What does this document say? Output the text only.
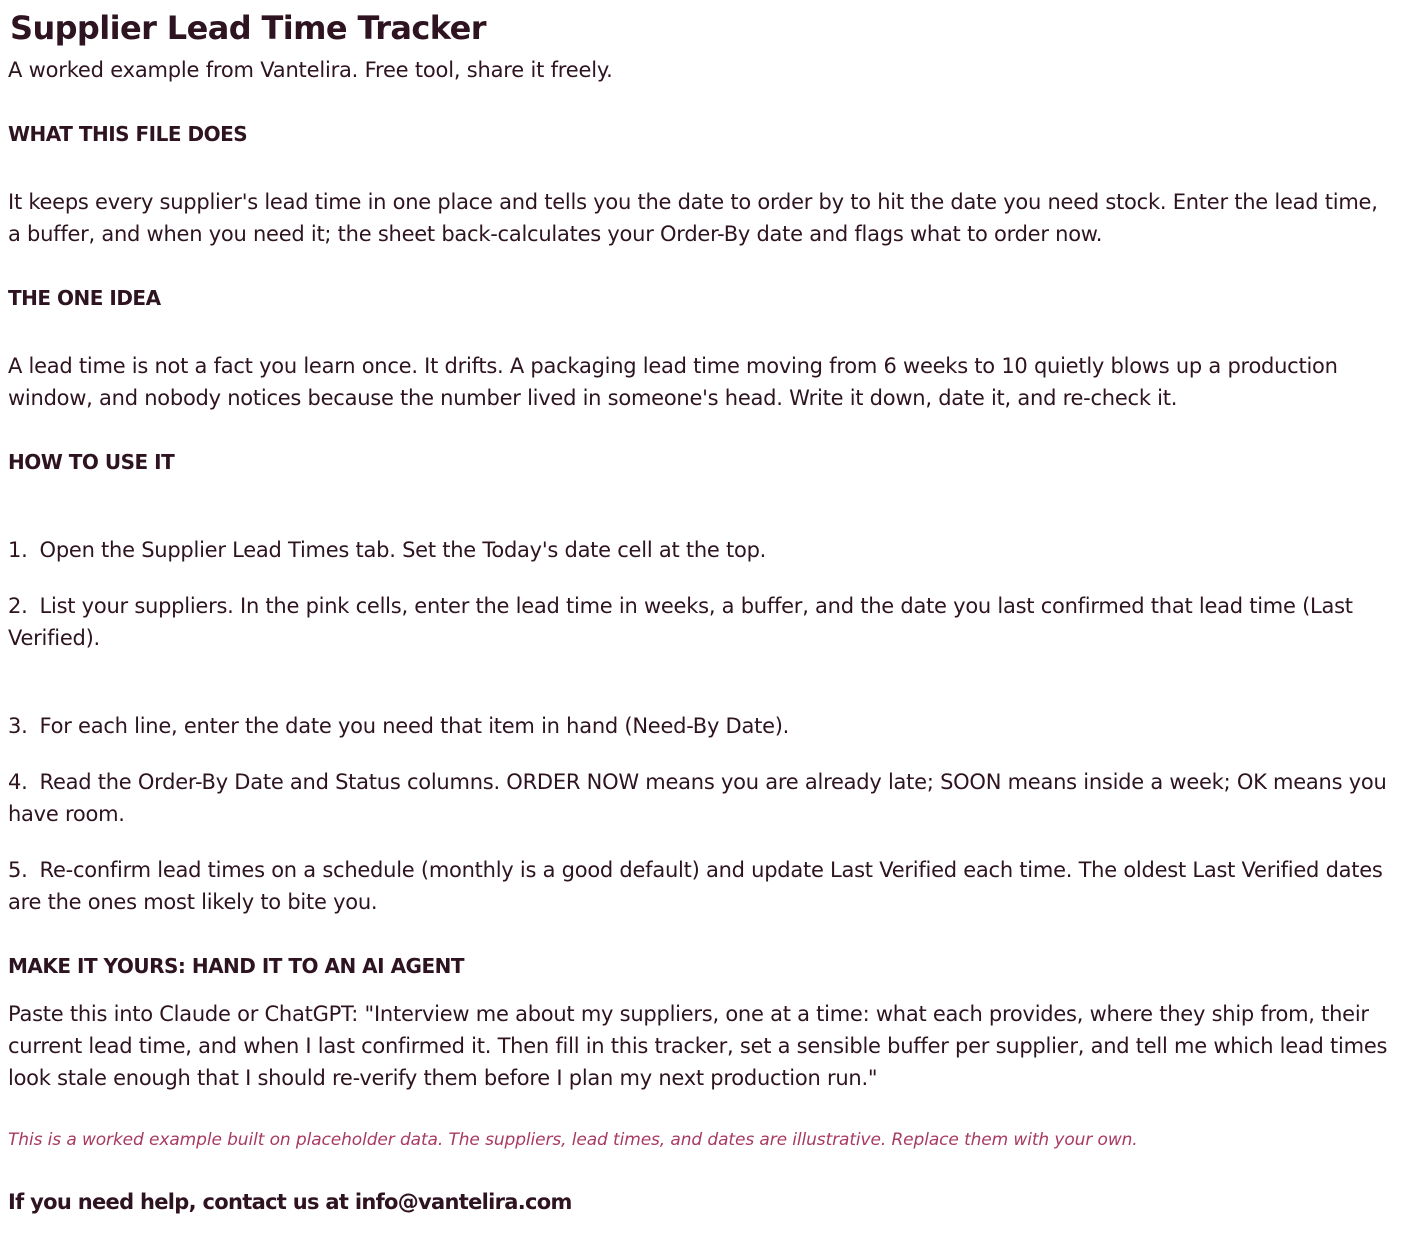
Supplier Lead Time Tracker

A worked example from Vantelira. Free tool, share it freely.

WHAT THIS FILE DOES

It keeps every supplier's lead time in one place and tells you the date to order by to hit the date you need stock. Enter the lead time, a buffer, and when you need it; the sheet back-calculates your Order-By date and flags what to order now.

THE ONE IDEA

A lead time is not a fact you learn once. It drifts. A packaging lead time moving from 6 weeks to 10 quietly blows up a production window, and nobody notices because the number lived in someone's head. Write it down, date it, and re-check it.

HOW TO USE IT

1. Open the Supplier Lead Times tab. Set the Today's date cell at the top.

2. List your suppliers. In the pink cells, enter the lead time in weeks, a buffer, and the date you last confirmed that lead time (Last Verified).

3. For each line, enter the date you need that item in hand (Need-By Date).

4. Read the Order-By Date and Status columns. ORDER NOW means you are already late; SOON means inside a week; OK means you have room.

5. Re-confirm lead times on a schedule (monthly is a good default) and update Last Verified each time. The oldest Last Verified dates are the ones most likely to bite you.

MAKE IT YOURS: HAND IT TO AN AI AGENT

Paste this into Claude or ChatGPT: "Interview me about my suppliers, one at a time: what each provides, where they ship from, their current lead time, and when I last confirmed it. Then fill in this tracker, set a sensible buffer per supplier, and tell me which lead times look stale enough that I should re-verify them before I plan my next production run."

This is a worked example built on placeholder data. The suppliers, lead times, and dates are illustrative. Replace them with your own.

If you need help, contact us at info@vantelira.com
